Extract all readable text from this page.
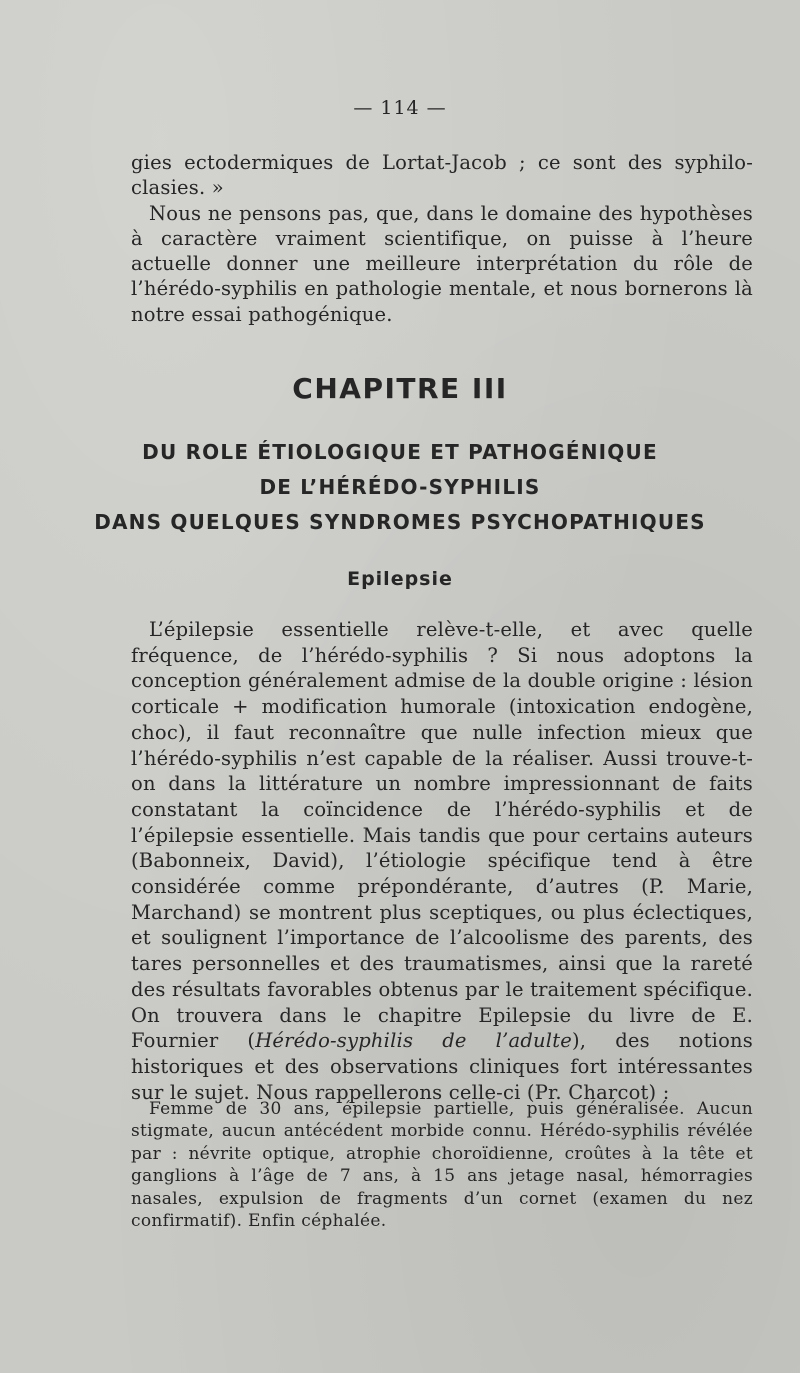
— 114 —

gies ectodermiques de Lortat-Jacob ; ce sont des syphilo-clasies. »

Nous ne pensons pas, que, dans le domaine des hypothèses à caractère vraiment scientifique, on puisse à l’heure actuelle donner une meilleure interprétation du rôle de l’hérédo-syphilis en pathologie mentale, et nous bornerons là notre essai pathogénique.

CHAPITRE III
DU ROLE ÉTIOLOGIQUE ET PATHOGÉNIQUE
DE L’HÉRÉDO-SYPHILIS
DANS QUELQUES SYNDROMES PSYCHOPATHIQUES
Epilepsie

L’épilepsie essentielle relève-t-elle, et avec quelle fréquence, de l’hérédo-syphilis ? Si nous adoptons la conception généralement admise de la double origine : lésion corticale + modification humorale (intoxication endogène, choc), il faut reconnaître que nulle infection mieux que l’hérédo-syphilis n’est capable de la réaliser. Aussi trouve-t-on dans la littérature un nombre impressionnant de faits constatant la coïncidence de l’hérédo-syphilis et de l’épilepsie essentielle. Mais tandis que pour certains auteurs (Babonneix, David), l’étiologie spécifique tend à être considérée comme prépondérante, d’autres (P. Marie, Marchand) se montrent plus sceptiques, ou plus éclectiques, et soulignent l’importance de l’alcoolisme des parents, des tares personnelles et des traumatismes, ainsi que la rareté des résultats favorables obtenus par le traitement spécifique. On trouvera dans le chapitre Epilepsie du livre de E. Fournier (Hérédo-syphilis de l’adulte), des notions historiques et des observations cliniques fort intéressantes sur le sujet. Nous rappellerons celle-ci (Pr. Charcot) :

Femme de 30 ans, épilepsie partielle, puis généralisée. Aucun stigmate, aucun antécédent morbide connu. Hérédo-syphilis révélée par : névrite optique, atrophie choroïdienne, croûtes à la tête et ganglions à l’âge de 7 ans, à 15 ans jetage nasal, hémorragies nasales, expulsion de fragments d’un cornet (examen du nez confirmatif). Enfin céphalée.
